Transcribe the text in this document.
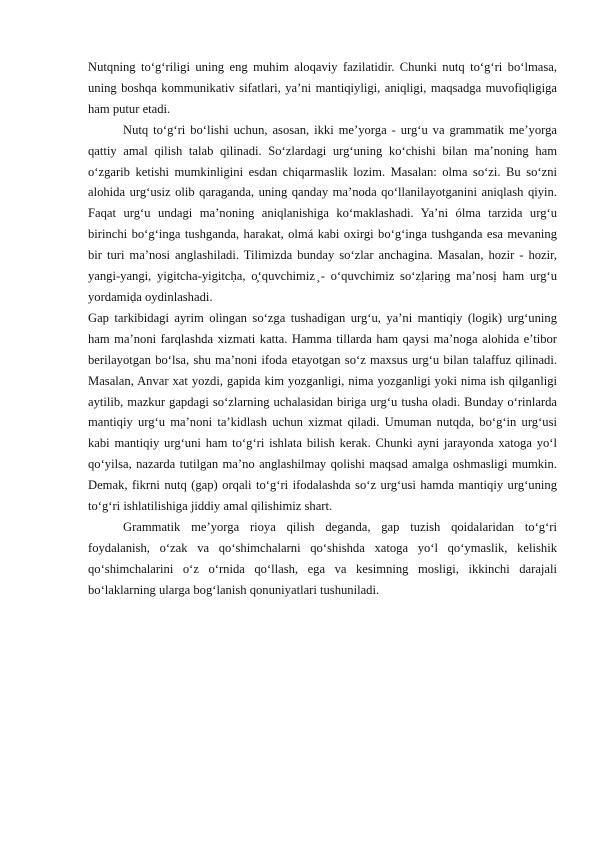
Nutqning to‘g‘riligi uning eng muhim aloqaviy fazilatidir. Chunki nutq to‘g‘ri bo‘lmasa, uning boshqa kommunikativ sifatlari, ya’ni mantiqiyligi, aniqligi, maqsadga muvofiqligiga ham putur etadi.

Nutq to‘g‘ri bo‘lishi uchun, asosan, ikki me’yorga - urg‘u va grammatik me’yorga qattiy amal qilish talab qilinadi. So‘zlardagi urg‘uning ko‘chishi bilan ma’noning ham o‘zgarib ketishi mumkinligini esdan chiqarmaslik lozim. Masalan: olma so‘zi. Bu so‘zni alohida urg‘usiz olib qaraganda, uning qanday ma’noda qo‘llanilayotganini aniqlash qiyin. Faqat urg‘u undagi ma’noning aniqlanishiga ko‘maklashadi. Ya’ni ólma tarzida urg‘u birinchi bo‘g‘inga tushganda, harakat, olmá kabi oxirgi bo‘g‘inga tushganda esa mevaning bir turi ma’nosi anglashiladi. Tilimizda bunday so‘zlar anchagina. Masalan, hozir - hozir, yangi-yangi, yigitcha-yigitcḥa, o̧‘quvchimiz ̧- o‘quvchimiz so‘zḷariṇg ma’nosị ham urg‘u yordamiḍa oydinlashadi.

Gap tarkibidagi ayrim olingan so‘zga tushadigan urg‘u, ya’ni mantiqiy (logik) urg‘uning ham ma’noni farqlashda xizmati katta. Hamma tillarda ham qaysi ma’noga alohida e’tibor berilayotgan bo‘lsa, shu ma’noni ifoda etayotgan so‘z maxsus urg‘u bilan talaffuz qilinadi. Masalan, Anvar xat yozdi, gapida kim yozganligi, nima yozganligi yoki nima ish qilganligi aytilib, mazkur gapdagi so‘zlarning uchalasidan biriga urg‘u tusha oladi. Bunday o‘rinlarda mantiqiy urg‘u ma’noni ta’kidlash uchun xizmat qiladi. Umuman nutqda, bo‘g‘in urg‘usi kabi mantiqiy urg‘uni ham to‘g‘ri ishlata bilish kerak. Chunki ayni jarayonda xatoga yo‘l qo‘yilsa, nazarda tutilgan ma’no anglashilmay qolishi maqsad amalga oshmasligi mumkin. Demak, fikrni nutq (gap) orqali to‘g‘ri ifodalashda so‘z urg‘usi hamda mantiqiy urg‘uning to‘g‘ri ishlatilishiga jiddiy amal qilishimiz shart.

Grammatik me’yorga rioya qilish deganda, gap tuzish qoidalaridan to‘g‘ri foydalanish, o‘zak va qo‘shimchalarni qo‘shishda xatoga yo‘l qo‘ymaslik, kelishik qo‘shimchalarini o‘z o‘rnida qo‘llash, ega va kesimning mosligi, ikkinchi darajali bo‘laklarning ularga bog‘lanish qonuniyatlari tushuniladi.
